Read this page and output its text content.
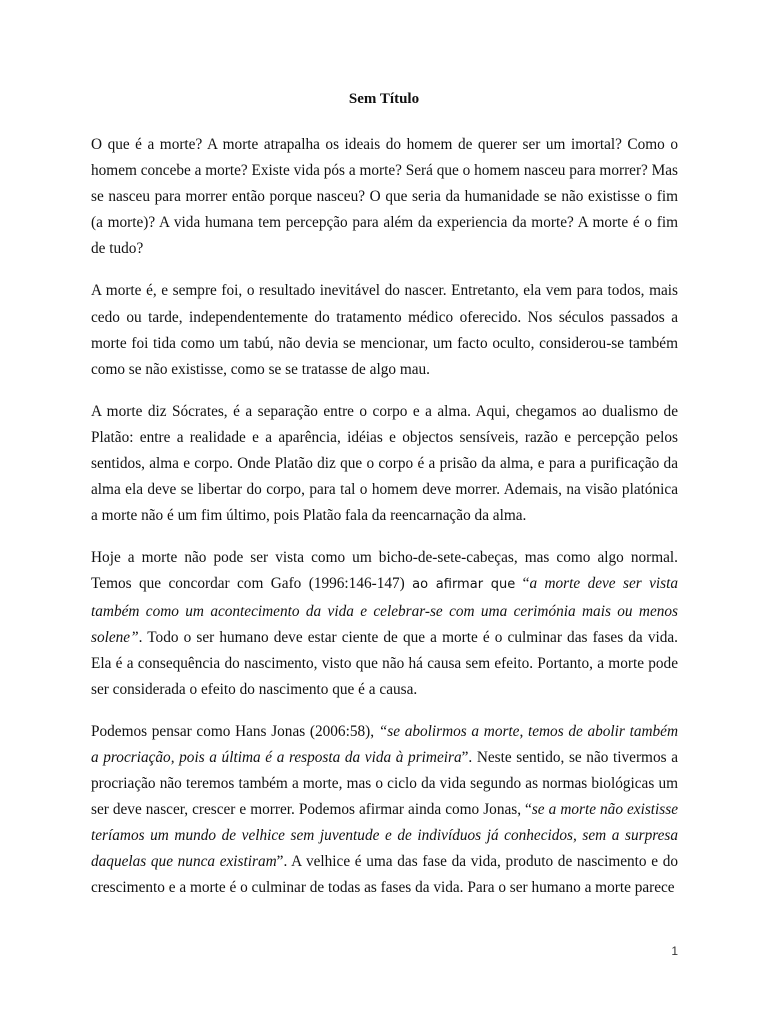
Sem Título

O que é a morte? A morte atrapalha os ideais do homem de querer ser um imortal? Como o homem concebe a morte? Existe vida pós a morte? Será que o homem nasceu para morrer? Mas se nasceu para morrer então porque nasceu? O que seria da humanidade se não existisse o fim (a morte)? A vida humana tem percepção para além da experiencia da morte? A morte é o fim de tudo?

A morte é, e sempre foi, o resultado inevitável do nascer. Entretanto, ela vem para todos, mais cedo ou tarde, independentemente do tratamento médico oferecido. Nos séculos passados a morte foi tida como um tabú, não devia se mencionar, um facto oculto, considerou-se também como se não existisse, como se se tratasse de algo mau.

A morte diz Sócrates, é a separação entre o corpo e a alma. Aqui, chegamos ao dualismo de Platão: entre a realidade e a aparência, idéias e objectos sensíveis, razão e percepção pelos sentidos, alma e corpo. Onde Platão diz que o corpo é a prisão da alma, e para a purificação da alma ela deve se libertar do corpo, para tal o homem deve morrer. Ademais, na visão platónica a morte não é um fim último, pois Platão fala da reencarnação da alma.

Hoje a morte não pode ser vista como um bicho-de-sete-cabeças, mas como algo normal. Temos que concordar com Gafo (1996:146-147) ao afirmar que “a morte deve ser vista também como um acontecimento da vida e celebrar-se com uma cerimónia mais ou menos solene”. Todo o ser humano deve estar ciente de que a morte é o culminar das fases da vida. Ela é a consequência do nascimento, visto que não há causa sem efeito. Portanto, a morte pode ser considerada o efeito do nascimento que é a causa.

Podemos pensar como Hans Jonas (2006:58), “se abolirmos a morte, temos de abolir também a procriação, pois a última é a resposta da vida à primeira”. Neste sentido, se não tivermos a procriação não teremos também a morte, mas o ciclo da vida segundo as normas biológicas um ser deve nascer, crescer e morrer. Podemos afirmar ainda como Jonas, “se a morte não existisse teríamos um mundo de velhice sem juventude e de indivíduos já conhecidos, sem a surpresa daquelas que nunca existiram”. A velhice é uma das fase da vida, produto de nascimento e do crescimento e a morte é o culminar de todas as fases da vida. Para o ser humano a morte parece

1
